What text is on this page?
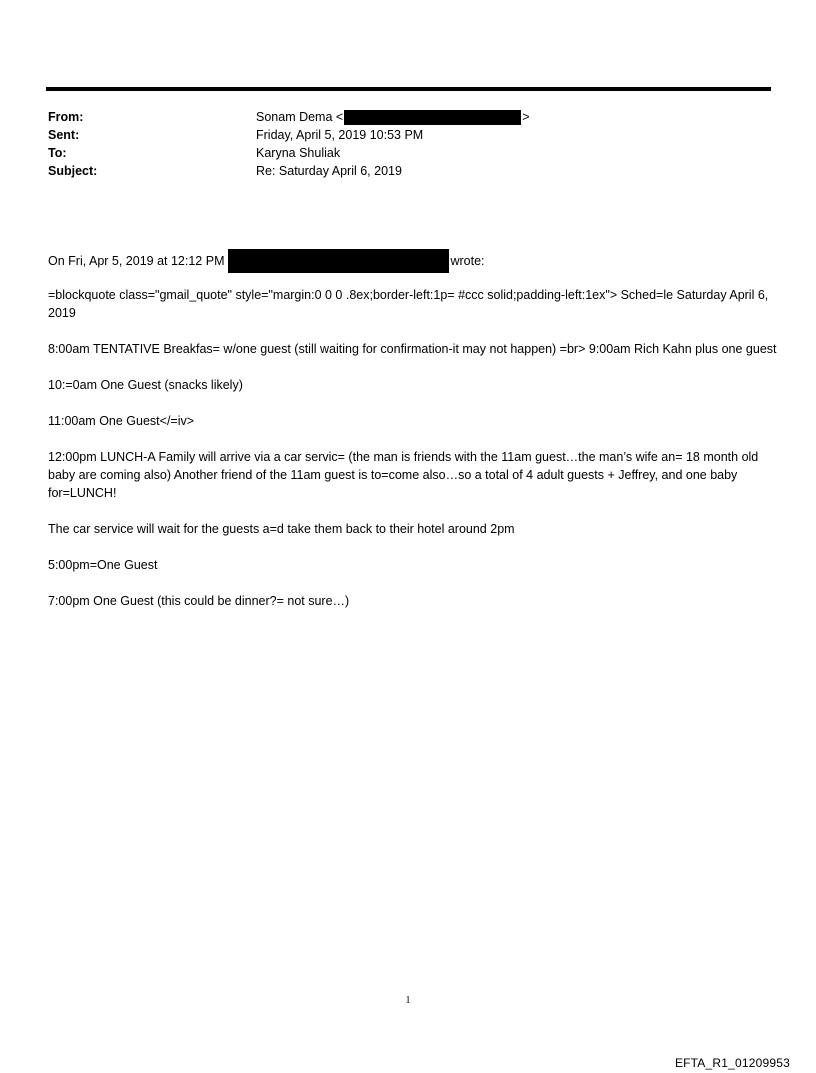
From:	Sonam Dema <	>
Sent:	Friday, April 5, 2019 10:53 PM
To:	Karyna Shuliak
Subject:	Re: Saturday April 6, 2019
On Fri, Apr 5, 2019 at 12:12 PM	wrote:

=blockquote class="gmail_quote" style="margin:0 0 0 .8ex;border-left:1p= #ccc solid;padding-left:1ex"> Sched=le Saturday April 6, 2019

8:00am TENTATIVE Breakfas= w/one guest (still waiting for confirmation-it may not happen) =br> 9:00am Rich Kahn plus one guest

10:=0am One Guest (snacks likely)

11:00am One Guest</=iv>

12:00pm LUNCH-A Family will arrive via a car servic= (the man is friends with the 11am guest…the man’s wife an= 18 month old baby are coming also) Another friend of the 11am guest is to=come also…so a total of 4 adult guests + Jeffrey, and one baby for=LUNCH!

The car service will wait for the guests a=d take them back to their hotel around 2pm

5:00pm=One Guest

7:00pm One Guest (this could be dinner?= not sure…)

1
EFTA_R1_01209953
